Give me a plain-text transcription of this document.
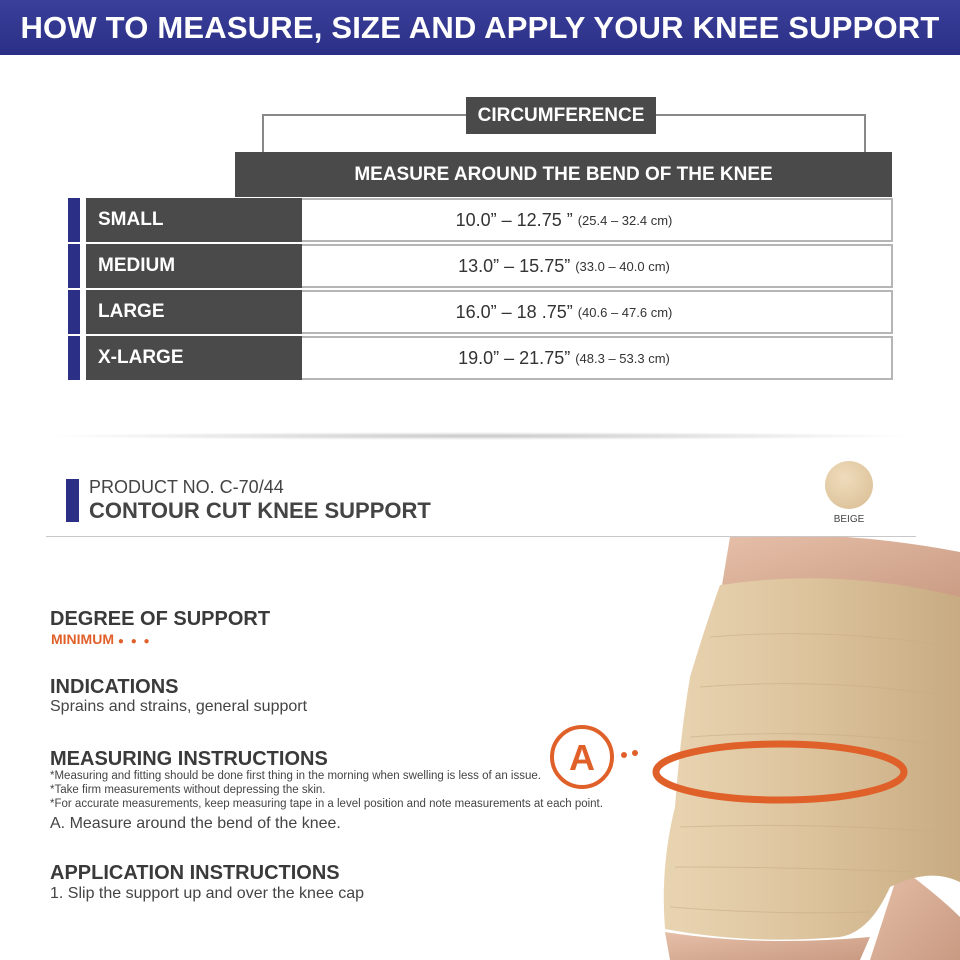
HOW TO MEASURE, SIZE AND APPLY YOUR KNEE SUPPORT
CIRCUMFERENCE
MEASURE AROUND THE BEND OF THE KNEE
10.0” – 12.75 ” (25.4 – 32.4 cm)
SMALL
13.0” – 15.75” (33.0 – 40.0 cm)
MEDIUM
16.0” – 18 .75” (40.6 – 47.6 cm)
LARGE
19.0” – 21.75” (48.3 – 53.3 cm)
X-LARGE
PRODUCT NO. C-70/44
CONTOUR CUT KNEE SUPPORT	BEIGE
DEGREE OF SUPPORT
MINIMUM ● ● ●
INDICATIONS
Sprains and strains, general support
MEASURING INSTRUCTIONS
*Measuring and fitting should be done first thing in the morning when swelling is less of an issue.
*Take firm measurements without depressing the skin.
*For accurate measurements, keep measuring tape in a level position and note measurements at each point.
A. Measure around the bend of the knee.
APPLICATION INSTRUCTIONS
1. Slip the support up and over the knee cap
A
